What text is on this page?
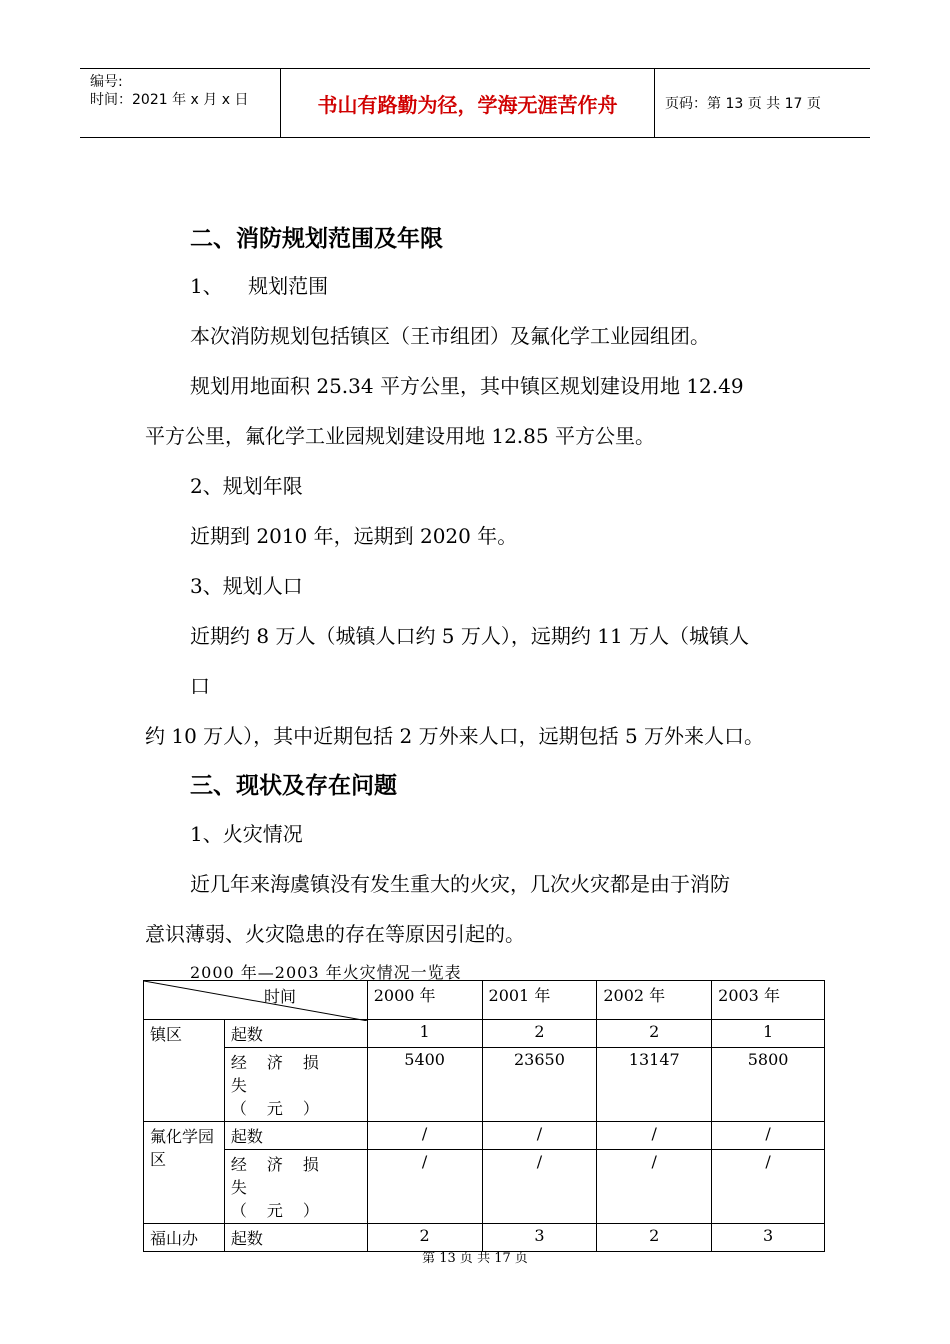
编号:
时间：2021 年 x 月 x 日	书山有路勤为径，学海无涯苦作舟	页码：第 13 页 共 17 页
二、消防规划范围及年限
1、    规划范围
本次消防规划包括镇区（王市组团）及氟化学工业园组团。
规划用地面积 25.34 平方公里，其中镇区规划建设用地 12.49
平方公里，氟化学工业园规划建设用地 12.85 平方公里。
2、规划年限
近期到 2010 年，远期到 2020 年。
3、规划人口
近期约 8 万人（城镇人口约 5 万人），远期约 11 万人（城镇人
口
约 10 万人），其中近期包括 2 万外来人口，远期包括 5 万外来人口。
三、现状及存在问题
1、火灾情况
近几年来海虞镇没有发生重大的火灾，几次火灾都是由于消防
意识薄弱、火灾隐患的存在等原因引起的。
2000 年—2003 年火灾情况一览表
时间		2000 年	2001 年	2002 年	2003 年
镇区	起数	1	2	2	1
	经济损失（元）	5400	23650	13147	5800
氟化学园区	起数	/	/	/	/
	经济损失（元）	/	/	/	/
福山办	起数	2	3	2	3
第 13 页 共 17 页
